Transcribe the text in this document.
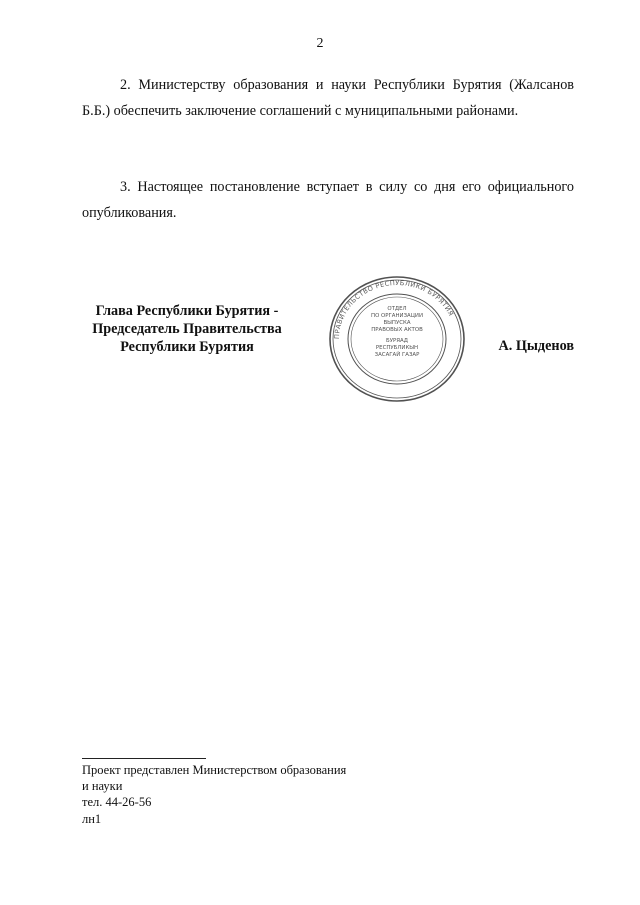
2

2. Министерству образования и науки Республики Бурятия (Жалсанов Б.Б.) обеспечить заключение соглашений с муниципальными районами.

3. Настоящее постановление вступает в силу со дня его официального опубликования.

Глава Республики Бурятия -
Председатель Правительства
Республики Бурятия
ПРАВИТЕЛЬСТВО РЕСПУБЛИКИ БУРЯТИЯ
ОТДЕЛ
ПО ОРГАНИЗАЦИИ
ВЫПУСКА
ПРАВОВЫХ АКТОВ
БУРЯАД
РЕСПУБЛИКЫН
ЗАСАГАЙ ГАЗАР
А. Цыденов
Проект представлен Министерством образования
и науки
тел. 44-26-56
лн1
